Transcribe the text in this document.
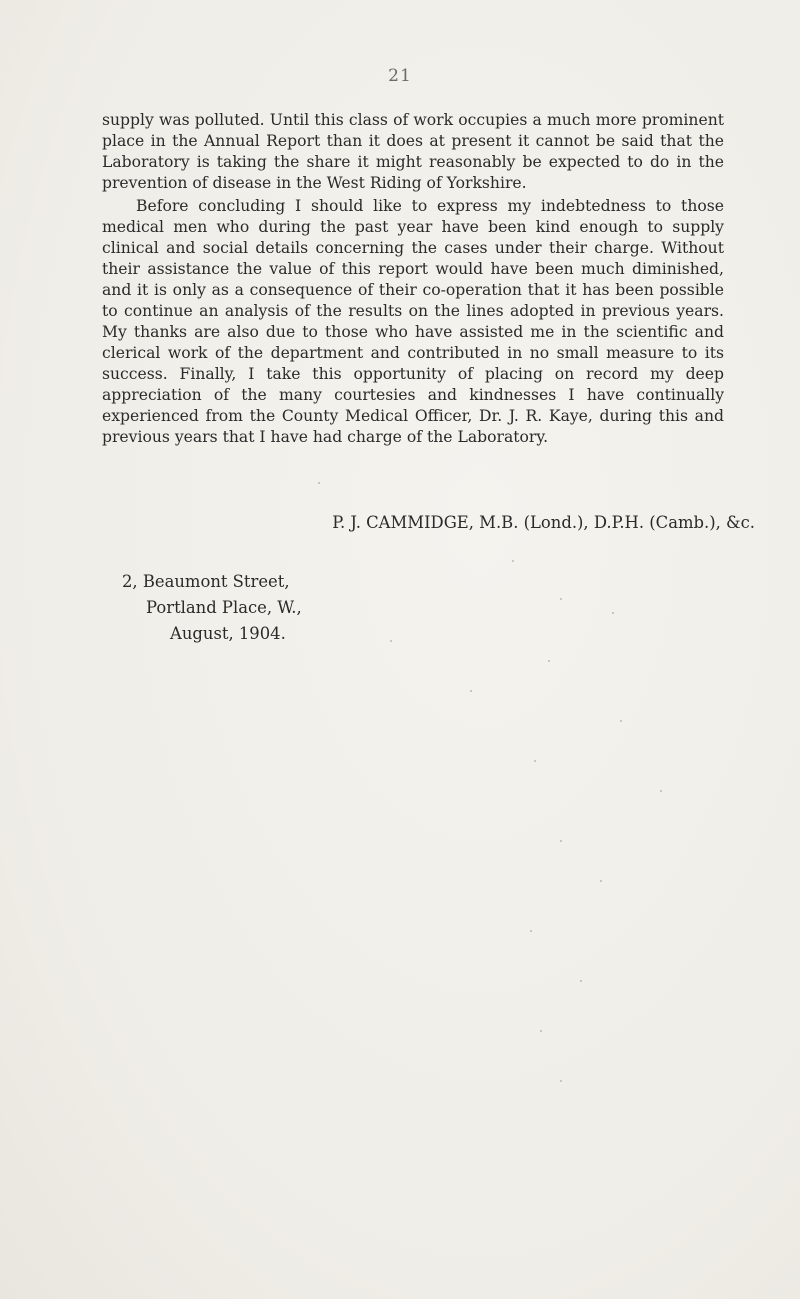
21

supply was polluted. Until this class of work occupies a much more prominent place in the Annual Report than it does at present it cannot be said that the Laboratory is taking the share it might reasonably be expected to do in the prevention of disease in the West Riding of Yorkshire.

Before concluding I should like to express my indebtedness to those medical men who during the past year have been kind enough to supply clinical and social details concerning the cases under their charge. Without their assistance the value of this report would have been much diminished, and it is only as a consequence of their co-operation that it has been possible to continue an analysis of the results on the lines adopted in previous years. My thanks are also due to those who have assisted me in the scientific and clerical work of the department and contributed in no small measure to its success. Finally, I take this opportunity of placing on record my deep appreciation of the many courtesies and kindnesses I have continually experienced from the County Medical Officer, Dr. J. R. Kaye, during this and previous years that I have had charge of the Laboratory.

P. J. CAMMIDGE, M.B. (Lond.), D.P.H. (Camb.), &c.
2, Beaumont Street,
Portland Place, W.,
August, 1904.
